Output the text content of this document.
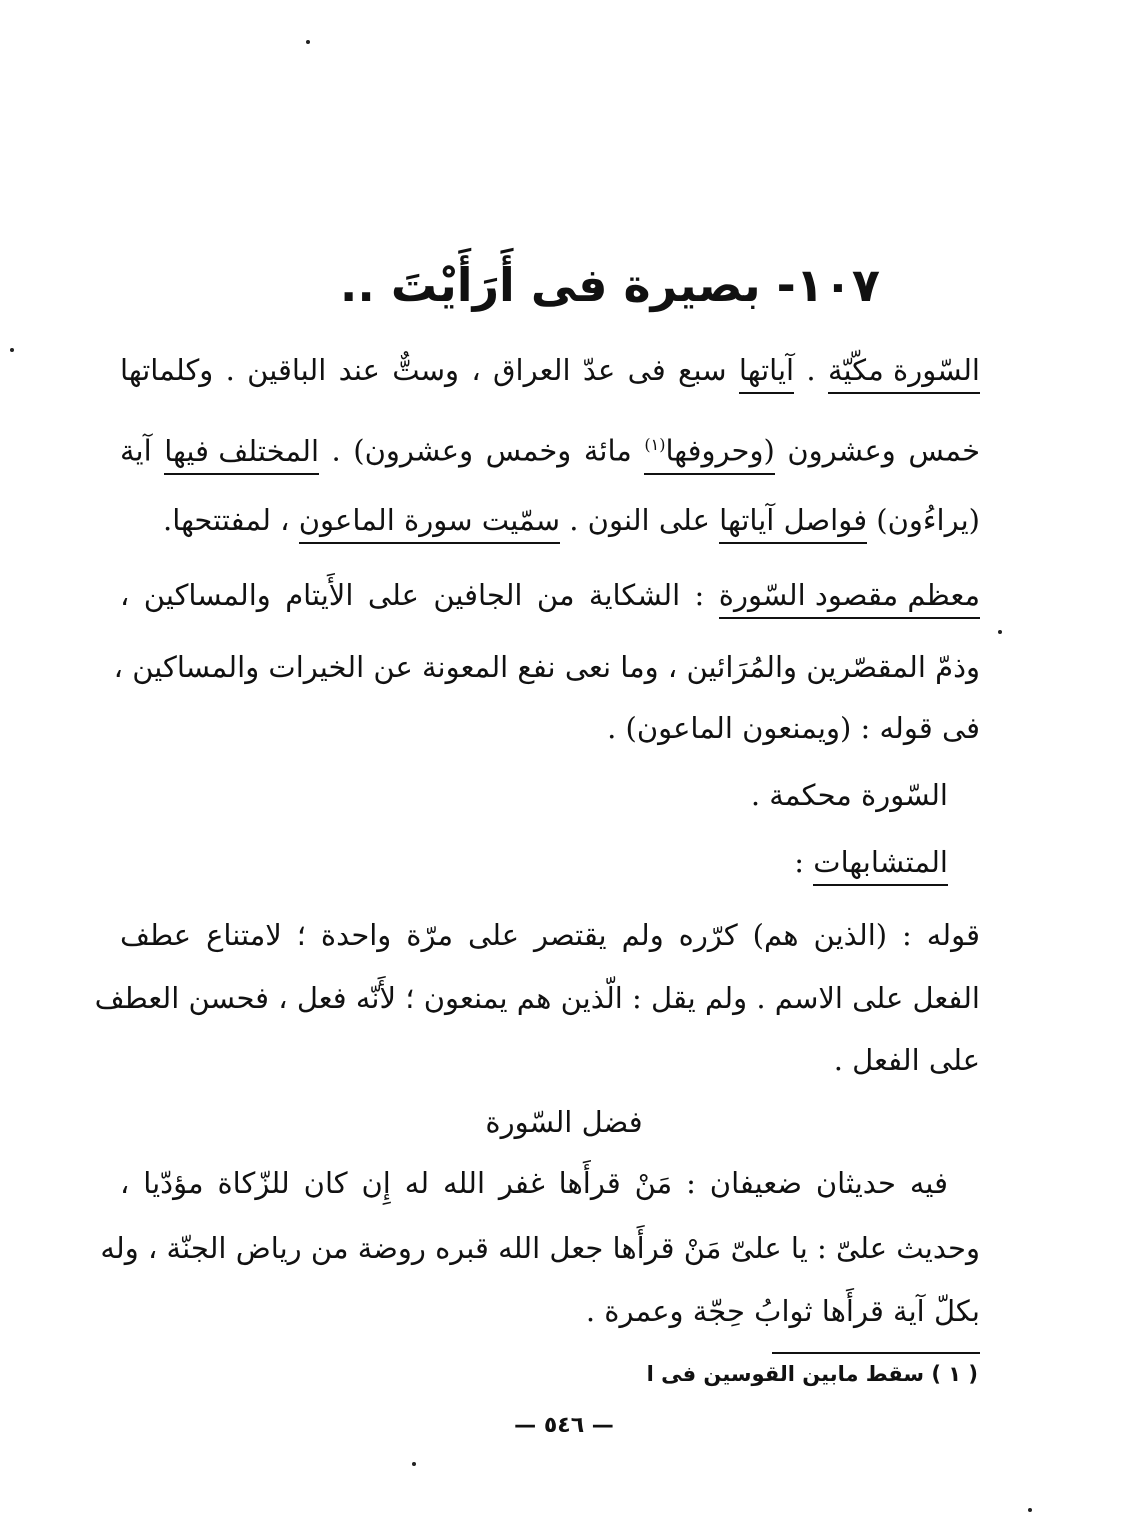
١٠٧- بصيرة فى أَرَأَيْتَ ..
السّورة مكّيّة . آياتها سبع فى عدّ العراق ، وستٌّ عند الباقين . وكلماتها
خمس وعشرون (وحروفها$^{(١)}$ مائة وخمس وعشرون) . المختلف فيها آية
(يراءُون) فواصل آياتها على النون . سمّيت سورة الماعون ، لمفتتحها.
معظم مقصود السّورة : الشكاية من الجافين على الأَيتام والمساكين ،
وذمّ المقصّرين والمُرَائين ، وما نعى نفع المعونة عن الخيرات والمساكين ،
فى قوله : (ويمنعون الماعون) .
السّورة محكمة .
المتشابهات :
قوله : (الذين هم) كرّره ولم يقتصر على مرّة واحدة ؛ لامتناع عطف
الفعل على الاسم . ولم يقل : الّذين هم يمنعون ؛ لأَنّه فعل ، فحسن العطف
على الفعل .
فضل السّورة
فيه حديثان ضعيفان : مَنْ قرأَها غفر الله له إِن كان للزّكاة مؤدّيا ،
وحديث علىّ : يا علىّ مَنْ قرأَها جعل الله قبره روضة من رياض الجنّة ، وله
بكلّ آية قرأَها ثوابُ حِجّة وعمرة .
( ١ ) سقط مابين القوسين فى ا
— ٥٤٦ —
